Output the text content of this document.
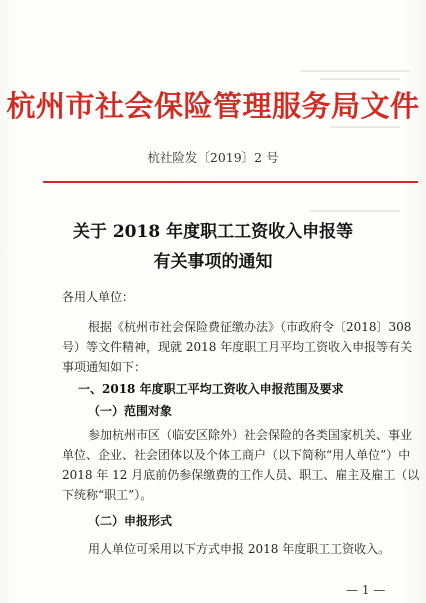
杭州市社会保险管理服务局文件
杭社险发〔2019〕2 号
关于 2018 年度职工工资收入申报等
有关事项的通知
各用人单位：
根据《杭州市社会保险费征缴办法》（市政府令〔2018〕308
号）等文件精神，现就 2018 年度职工月平均工资收入申报等有关
事项通知如下：
一、2018 年度职工平均工资收入申报范围及要求
（一）范围对象
参加杭州市区（临安区除外）社会保险的各类国家机关、事业
单位、企业、社会团体以及个体工商户（以下简称“用人单位”）中
2018 年 12 月底前仍参保缴费的工作人员、职工、雇主及雇工（以
下统称“职工”）。
（二）申报形式
用人单位可采用以下方式申报 2018 年度职工工资收入。
— 1 —
